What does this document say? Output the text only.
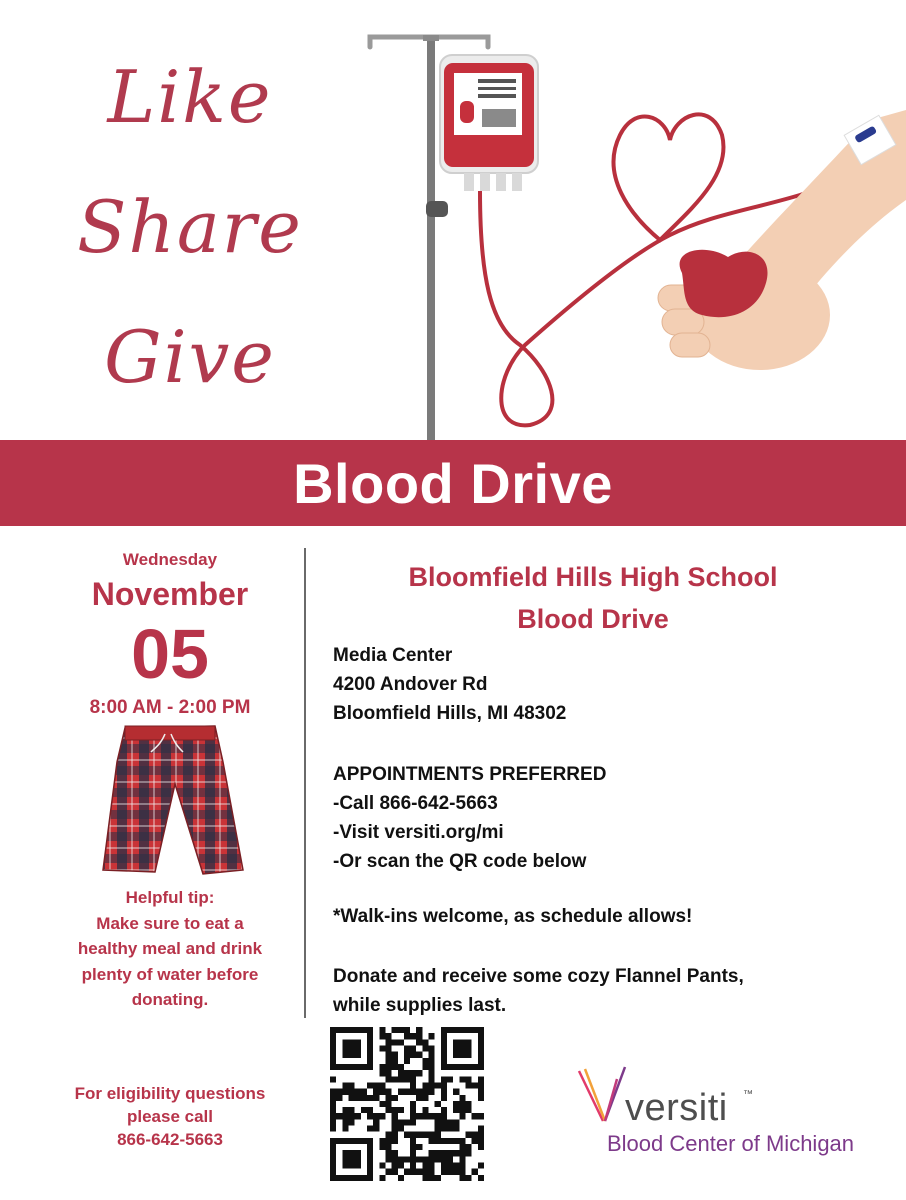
Like
Share
Give
Blood Drive
Wednesday
November
05
8:00 AM - 2:00 PM
Helpful tip:
Make sure to eat a
healthy meal and drink
plenty of water before
donating.
For eligibility questions
please call
866-642-5663
Bloomfield Hills High School
Blood Drive
Media Center
4200 Andover Rd
Bloomfield Hills, MI 48302
APPOINTMENTS PREFERRED
-Call 866-642-5663
-Visit versiti.org/mi
-Or scan the QR code below
*Walk-ins welcome, as schedule allows!
Donate and receive some cozy Flannel Pants,
while supplies last.
versiti ™
Blood Center of Michigan
